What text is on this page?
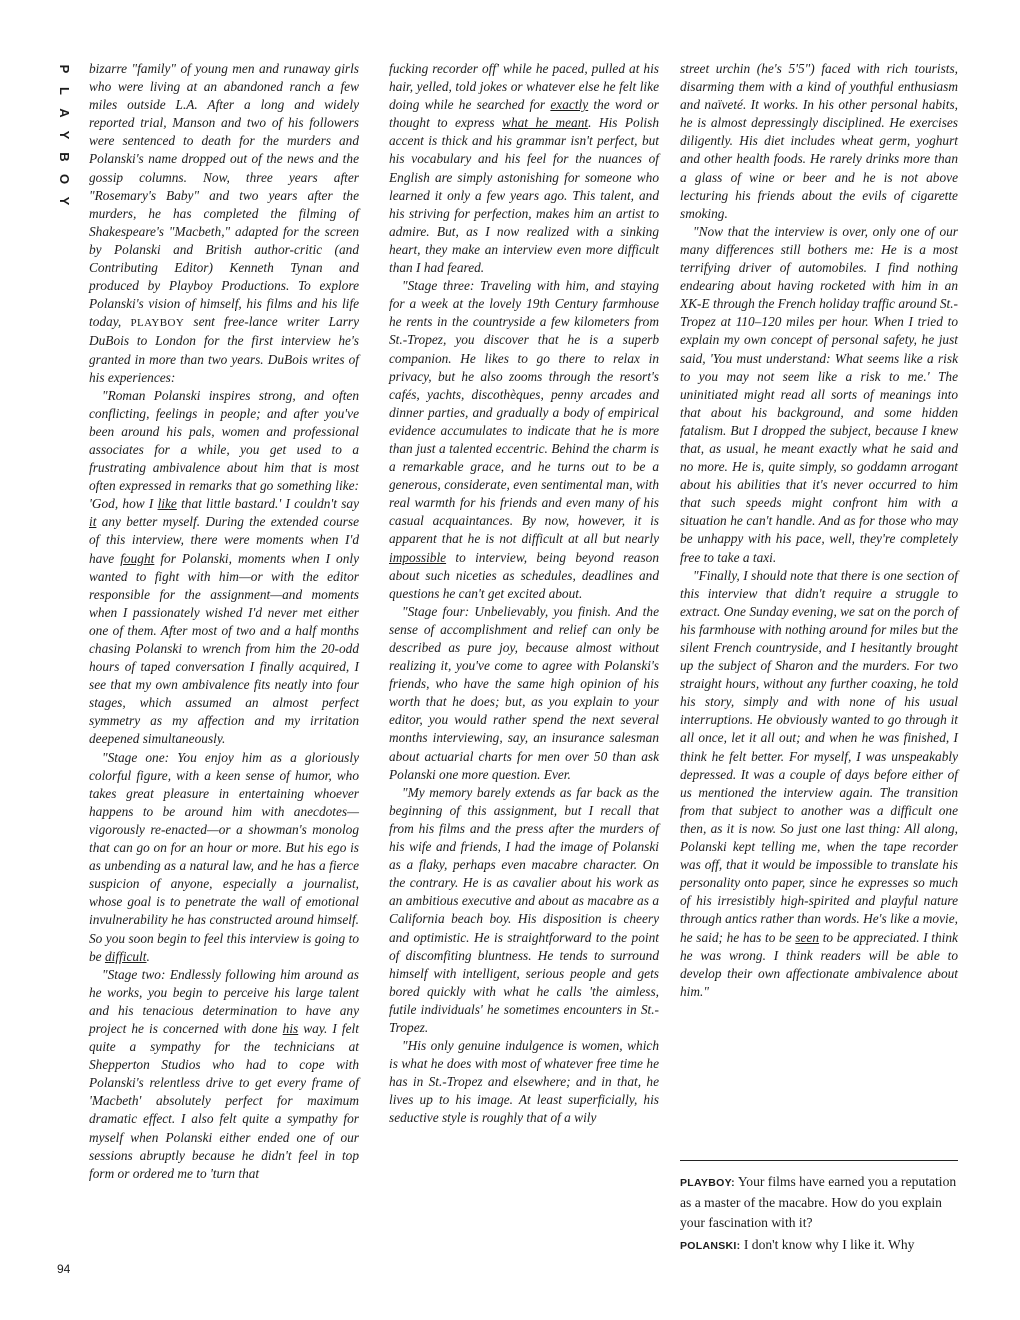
P
L
A
Y
B
O
Y

bizarre "family" of young men and runaway girls who were living at an abandoned ranch a few miles outside L.A. After a long and widely reported trial, Manson and two of his followers were sentenced to death for the murders and Polanski's name dropped out of the news and the gossip columns. Now, three years after "Rosemary's Baby" and two years after the murders, he has completed the filming of Shakespeare's "Macbeth," adapted for the screen by Polanski and British author-critic (and Contributing Editor) Kenneth Tynan and produced by Playboy Productions. To explore Polanski's vision of himself, his films and his life today, PLAYBOY sent free-lance writer Larry DuBois to London for the first interview he's granted in more than two years. DuBois writes of his experiences:

"Roman Polanski inspires strong, and often conflicting, feelings in people; and after you've been around his pals, women and professional associates for a while, you get used to a frustrating ambivalence about him that is most often expressed in remarks that go something like: 'God, how I like that little bastard.' I couldn't say it any better myself. During the extended course of this interview, there were moments when I'd have fought for Polanski, moments when I only wanted to fight with him—or with the editor responsible for the assignment—and moments when I passionately wished I'd never met either one of them. After most of two and a half months chasing Polanski to wrench from him the 20-odd hours of taped conversation I finally acquired, I see that my own ambivalence fits neatly into four stages, which assumed an almost perfect symmetry as my affection and my irritation deepened simultaneously.

"Stage one: You enjoy him as a gloriously colorful figure, with a keen sense of humor, who takes great pleasure in entertaining whoever happens to be around him with anecdotes—vigorously re-enacted—or a showman's monolog that can go on for an hour or more. But his ego is as unbending as a natural law, and he has a fierce suspicion of anyone, especially a journalist, whose goal is to penetrate the wall of emotional invulnerability he has constructed around himself. So you soon begin to feel this interview is going to be difficult.

"Stage two: Endlessly following him around as he works, you begin to perceive his large talent and his tenacious determination to have any project he is concerned with done his way. I felt quite a sympathy for the technicians at Shepperton Studios who had to cope with Polanski's relentless drive to get every frame of 'Macbeth' absolutely perfect for maximum dramatic effect. I also felt quite a sympathy for myself when Polanski either ended one of our sessions abruptly because he didn't feel in top form or ordered me to 'turn that

fucking recorder off' while he paced, pulled at his hair, yelled, told jokes or whatever else he felt like doing while he searched for exactly the word or thought to express what he meant. His Polish accent is thick and his grammar isn't perfect, but his vocabulary and his feel for the nuances of English are simply astonishing for someone who learned it only a few years ago. This talent, and his striving for perfection, makes him an artist to admire. But, as I now realized with a sinking heart, they make an interview even more difficult than I had feared.

"Stage three: Traveling with him, and staying for a week at the lovely 19th Century farmhouse he rents in the countryside a few kilometers from St.-Tropez, you discover that he is a superb companion. He likes to go there to relax in privacy, but he also zooms through the resort's cafés, yachts, discothèques, penny arcades and dinner parties, and gradually a body of empirical evidence accumulates to indicate that he is more than just a talented eccentric. Behind the charm is a remarkable grace, and he turns out to be a generous, considerate, even sentimental man, with real warmth for his friends and even many of his casual acquaintances. By now, however, it is apparent that he is not difficult at all but nearly impossible to interview, being beyond reason about such niceties as schedules, deadlines and questions he can't get excited about.

"Stage four: Unbelievably, you finish. And the sense of accomplishment and relief can only be described as pure joy, because almost without realizing it, you've come to agree with Polanski's friends, who have the same high opinion of his worth that he does; but, as you explain to your editor, you would rather spend the next several months interviewing, say, an insurance salesman about actuarial charts for men over 50 than ask Polanski one more question. Ever.

"My memory barely extends as far back as the beginning of this assignment, but I recall that from his films and the press after the murders of his wife and friends, I had the image of Polanski as a flaky, perhaps even macabre character. On the contrary. He is as cavalier about his work as an ambitious executive and about as macabre as a California beach boy. His disposition is cheery and optimistic. He is straightforward to the point of discomfiting bluntness. He tends to surround himself with intelligent, serious people and gets bored quickly with what he calls 'the aimless, futile individuals' he sometimes encounters in St.-Tropez.

"His only genuine indulgence is women, which is what he does with most of whatever free time he has in St.-Tropez and elsewhere; and in that, he lives up to his image. At least superficially, his seductive style is roughly that of a wily

street urchin (he's 5'5") faced with rich tourists, disarming them with a kind of youthful enthusiasm and naïveté. It works. In his other personal habits, he is almost depressingly disciplined. He exercises diligently. His diet includes wheat germ, yoghurt and other health foods. He rarely drinks more than a glass of wine or beer and he is not above lecturing his friends about the evils of cigarette smoking.

"Now that the interview is over, only one of our many differences still bothers me: He is a most terrifying driver of automobiles. I find nothing endearing about having rocketed with him in an XK-E through the French holiday traffic around St.-Tropez at 110–120 miles per hour. When I tried to explain my own concept of personal safety, he just said, 'You must understand: What seems like a risk to you may not seem like a risk to me.' The uninitiated might read all sorts of meanings into that about his background, and some hidden fatalism. But I dropped the subject, because I knew that, as usual, he meant exactly what he said and no more. He is, quite simply, so goddamn arrogant about his abilities that it's never occurred to him that such speeds might confront him with a situation he can't handle. And as for those who may be unhappy with his pace, well, they're completely free to take a taxi.

"Finally, I should note that there is one section of this interview that didn't require a struggle to extract. One Sunday evening, we sat on the porch of his farmhouse with nothing around for miles but the silent French countryside, and I hesitantly brought up the subject of Sharon and the murders. For two straight hours, without any further coaxing, he told his story, simply and with none of his usual interruptions. He obviously wanted to go through it all once, let it all out; and when he was finished, I think he felt better. For myself, I was unspeakably depressed. It was a couple of days before either of us mentioned the interview again. The transition from that subject to another was a difficult one then, as it is now. So just one last thing: All along, Polanski kept telling me, when the tape recorder was off, that it would be impossible to translate his personality onto paper, since he expresses so much of his irresistibly high-spirited and playful nature through antics rather than words. He's like a movie, he said; he has to be seen to be appreciated. I think he was wrong. I think readers will be able to develop their own affectionate ambivalence about him."

PLAYBOY: Your films have earned you a reputation as a master of the macabre. How do you explain your fascination with it?

POLANSKI: I don't know why I like it. Why

94
